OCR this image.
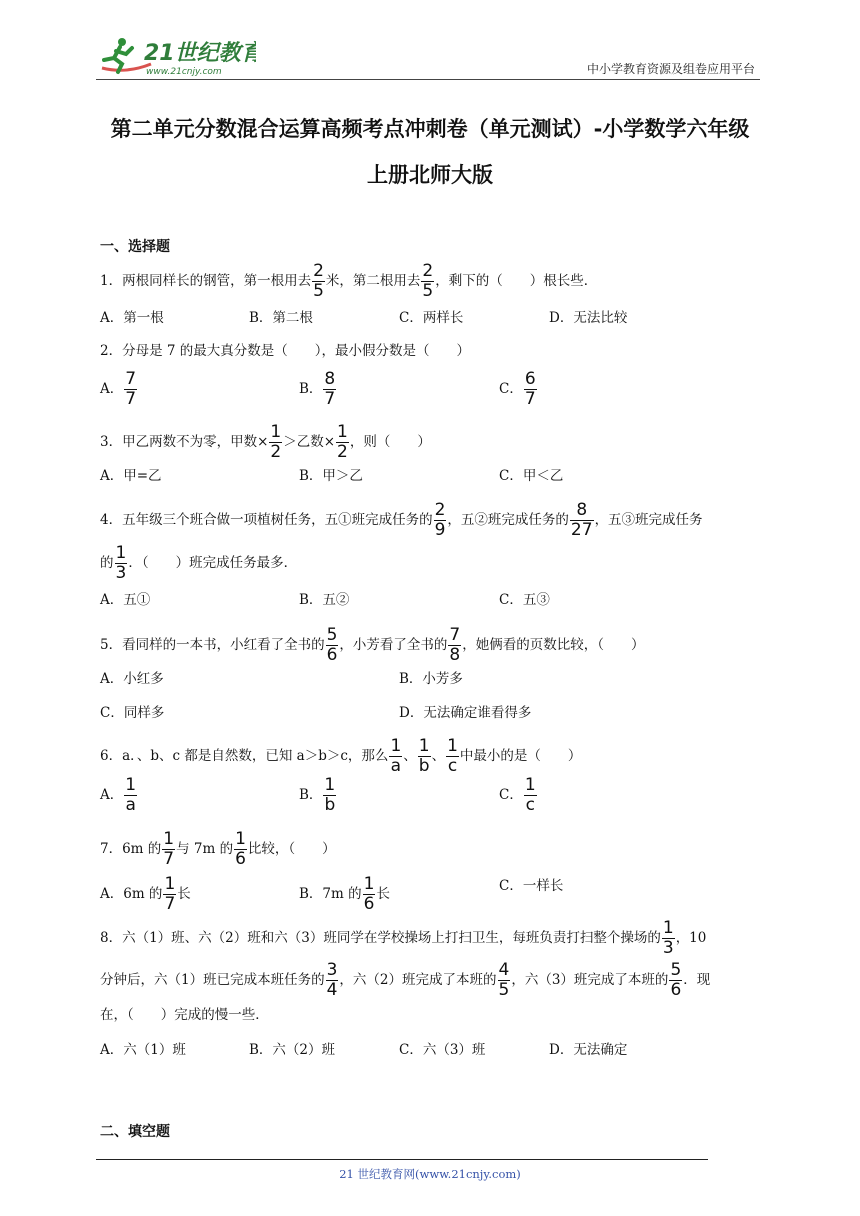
21世纪教育
www.21cnjy.com	中小学教育资源及组卷应用平台
第二单元分数混合运算高频考点冲刺卷（单元测试）-小学数学六年级
上册北师大版
一、选择题
1．两根同样长的钢管，第一根用去 $\frac{2}{5}$ 米，第二根用去 $\frac{2}{5}$ ，剩下的（　　）根长些．
A．第一根	B．第二根	C．两样长	D．无法比较
2．分母是 7 的最大真分数是（　　），最小假分数是（　　）
A． $\frac{7}{7}$	B． $\frac{8}{7}$	C． $\frac{6}{7}$
3．甲乙两数不为零，甲数× $\frac{1}{2}$ ＞乙数× $\frac{1}{2}$ ，则（　　）
A．甲=乙	B．甲＞乙	C．甲＜乙
4．五年级三个班合做一项植树任务，五①班完成任务的 $\frac{2}{9}$ ，五②班完成任务的 $\frac{8}{27}$ ，五③班完成任务
的 $\frac{1}{3}$ ．（　　）班完成任务最多．
A．五①	B．五②	C．五③
5．看同样的一本书，小红看了全书的 $\frac{5}{6}$ ，小芳看了全书的 $\frac{7}{8}$ ，她俩看的页数比较，（　　）
A．小红多	B．小芳多
C．同样多	D．无法确定谁看得多
6．a．、b、c 都是自然数，已知 a＞b＞c，那么 $\frac{1}{a}$ 、 $\frac{1}{b}$ 、 $\frac{1}{c}$ 中最小的是（　　）
A． $\frac{1}{a}$	B． $\frac{1}{b}$	C． $\frac{1}{c}$
7．6m 的 $\frac{1}{7}$ 与 7m 的 $\frac{1}{6}$ 比较，（　　）
A．6m 的 $\frac{1}{7}$ 长	B．7m 的 $\frac{1}{6}$ 长	C．一样长
8．六（1）班、六（2）班和六（3）班同学在学校操场上打扫卫生，每班负责打扫整个操场的 $\frac{1}{3}$ ，10
分钟后，六（1）班已完成本班任务的 $\frac{3}{4}$ ，六（2）班完成了本班的 $\frac{4}{5}$ ，六（3）班完成了本班的 $\frac{5}{6}$ ．现
在，（　　）完成的慢一些．
A．六（1）班	B．六（2）班	C．六（3）班	D．无法确定
二、填空题
21 世纪教育网(www.21cnjy.com)
